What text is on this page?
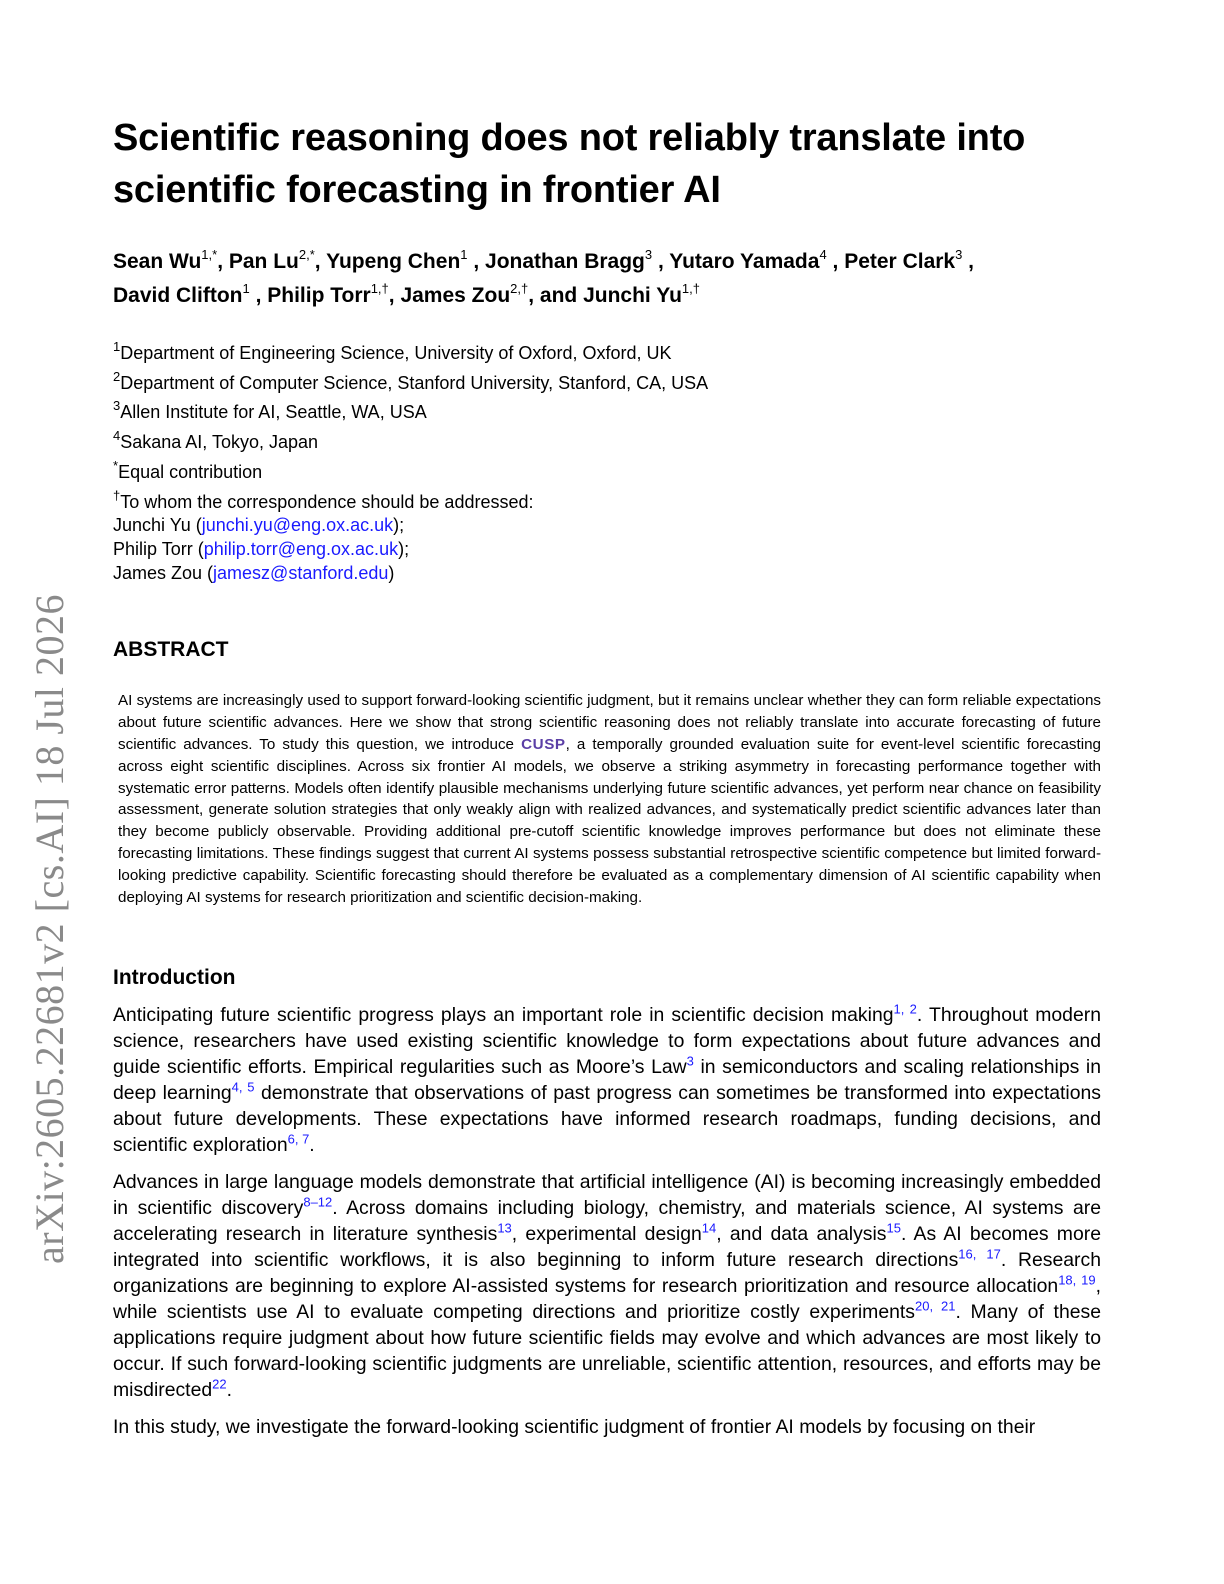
arXiv:2605.22681v2 [cs.AI] 18 Jul 2026
Scientific reasoning does not reliably translate into
scientific forecasting in frontier AI
Sean $Wu^{1,*}$, Pan $Lu^{2,*}$, Yupeng Chen$^1$ , Jonathan Bragg$^3$ , Yutaro Yamada$^4$ , Peter Clark$^3$ ,
David Clifton$^1$ , Philip Torr$^{1,\dagger}$, James Zou$^{2,\dagger}$, and Junchi $Yu^{1,\dagger}$
$^1$Department of Engineering Science, University of Oxford, Oxford, UK
$^2$Department of Computer Science, Stanford University, Stanford, CA, USA
$^3$Allen Institute for AI, Seattle, WA, USA
$^4$Sakana AI, Tokyo, Japan
*Equal contribution
†To whom the correspondence should be addressed:
Junchi Yu (junchi.yu@eng.ox.ac.uk);
Philip Torr (philip.torr@eng.ox.ac.uk);
James Zou (jamesz@stanford.edu)
ABSTRACT
AI systems are increasingly used to support forward-looking scientific judgment, but it remains unclear whether they can form reliable expectations about future scientific advances. Here we show that strong scientific reasoning does not reliably translate into accurate forecasting of future scientific advances. To study this question, we introduce CUSP, a temporally grounded evaluation suite for event-level scientific forecasting across eight scientific disciplines. Across six frontier AI models, we observe a striking asymmetry in forecasting performance together with systematic error patterns. Models often identify plausible mechanisms underlying future scientific advances, yet perform near chance on feasibility assessment, generate solution strategies that only weakly align with realized advances, and systematically predict scientific advances later than they become publicly observable. Providing additional pre-cutoff scientific knowledge improves performance but does not eliminate these forecasting limitations. These findings suggest that current AI systems possess substantial retrospective scientific competence but limited forward-looking predictive capability. Scientific forecasting should therefore be evaluated as a complementary dimension of AI scientific capability when deploying AI systems for research prioritization and scientific decision-making.
Introduction

Anticipating future scientific progress plays an important role in scientific decision making$^{1, 2}$. Throughout modern science, researchers have used existing scientific knowledge to form expectations about future advances and guide scientific efforts. Empirical regularities such as Moore’s Law$^3$ in semiconductors and scaling relationships in deep learning$^{4, 5}$ demonstrate that observations of past progress can sometimes be transformed into expectations about future developments. These expectations have informed research roadmaps, funding decisions, and scientific exploration$^{6, 7}$.

Advances in large language models demonstrate that artificial intelligence (AI) is becoming increasingly embedded in scientific discovery$^{8-12}$. Across domains including biology, chemistry, and materials science, AI systems are accelerating research in literature synthesis$^{13}$, experimental design$^{14}$, and data analysis$^{15}$. As AI becomes more integrated into scientific workflows, it is also beginning to inform future research directions$^{16, 17}$. Research organizations are beginning to explore AI-assisted systems for research prioritization and resource allocation$^{18, 19}$, while scientists use AI to evaluate competing directions and prioritize costly experiments$^{20, 21}$. Many of these applications require judgment about how future scientific fields may evolve and which advances are most likely to occur. If such forward-looking scientific judgments are unreliable, scientific attention, resources, and efforts may be misdirected$^{22}$.

In this study, we investigate the forward-looking scientific judgment of frontier AI models by focusing on their
